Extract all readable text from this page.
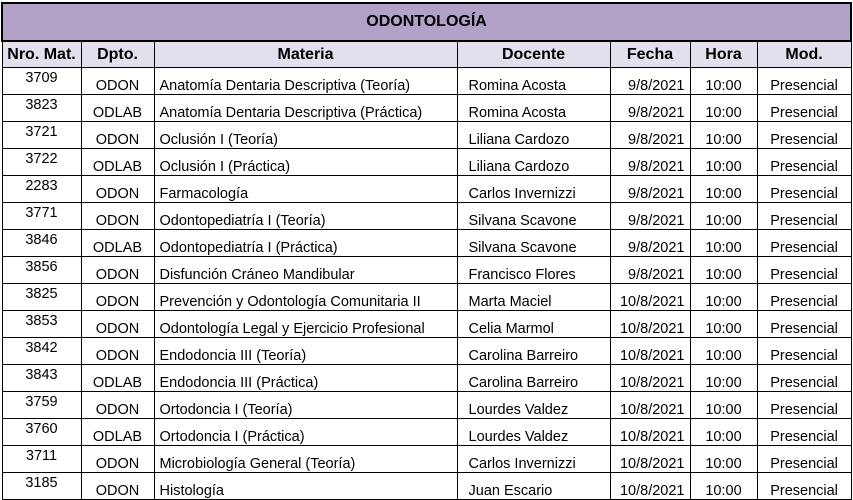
ODONTOLOGÍA						
Nro. Mat.	Dpto.	Materia	Docente	Fecha	Hora	Mod.
3709	ODON	Anatomía Dentaria Descriptiva (Teoría)	Romina Acosta	9/8/2021	10:00	Presencial
3823	ODLAB	Anatomía Dentaria Descriptiva (Práctica)	Romina Acosta	9/8/2021	10:00	Presencial
3721	ODON	Oclusión I (Teoría)	Liliana Cardozo	9/8/2021	10:00	Presencial
3722	ODLAB	Oclusión I (Práctica)	Liliana Cardozo	9/8/2021	10:00	Presencial
2283	ODON	Farmacología	Carlos Invernizzi	9/8/2021	10:00	Presencial
3771	ODON	Odontopediatría I (Teoría)	Silvana Scavone	9/8/2021	10:00	Presencial
3846	ODLAB	Odontopediatría I (Práctica)	Silvana Scavone	9/8/2021	10:00	Presencial
3856	ODON	Disfunción Cráneo Mandibular	Francisco Flores	9/8/2021	10:00	Presencial
3825	ODON	Prevención y Odontología Comunitaria II	Marta Maciel	10/8/2021	10:00	Presencial
3853	ODON	Odontología Legal y Ejercicio Profesional	Celia Marmol	10/8/2021	10:00	Presencial
3842	ODON	Endodoncia III (Teoría)	Carolina Barreiro	10/8/2021	10:00	Presencial
3843	ODLAB	Endodoncia III (Práctica)	Carolina Barreiro	10/8/2021	10:00	Presencial
3759	ODON	Ortodoncia I (Teoría)	Lourdes Valdez	10/8/2021	10:00	Presencial
3760	ODLAB	Ortodoncia I (Práctica)	Lourdes Valdez	10/8/2021	10:00	Presencial
3711	ODON	Microbiología General (Teoría)	Carlos Invernizzi	10/8/2021	10:00	Presencial
3185	ODON	Histología	Juan Escario	10/8/2021	10:00	Presencial
